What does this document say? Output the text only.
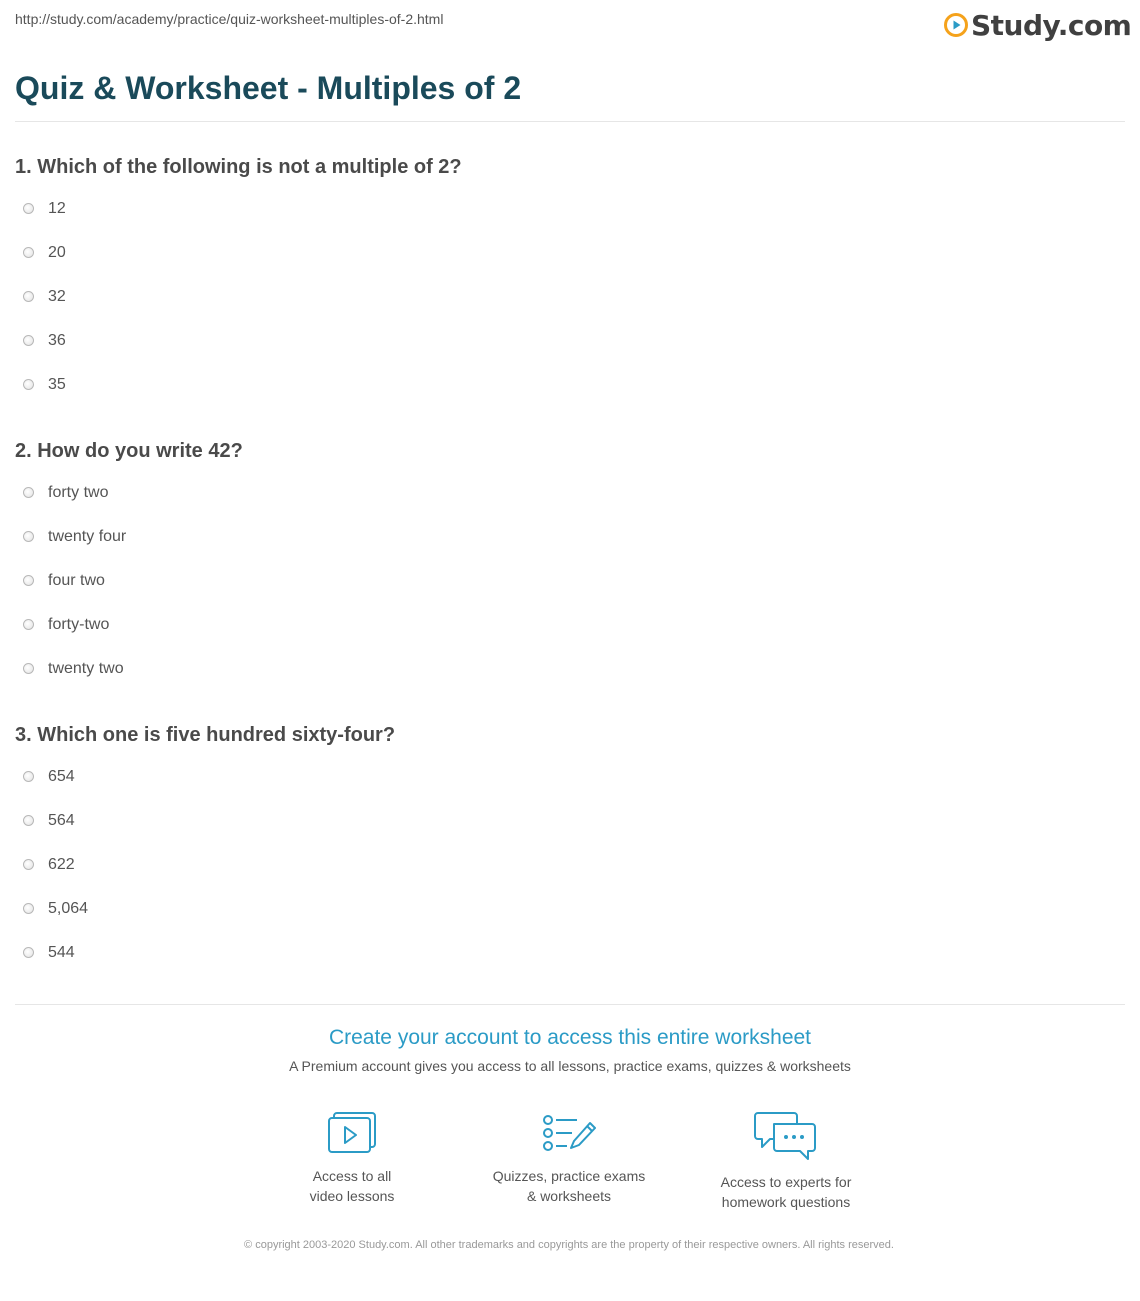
http://study.com/academy/practice/quiz-worksheet-multiples-of-2.html	Study.com
Quiz & Worksheet - Multiples of 2

1. Which of the following is not a multiple of 2?

12
20
32
36
35

2. How do you write 42?

forty two
twenty four
four two
forty-two
twenty two

3. Which one is five hundred sixty-four?

654
564
622
5,064
544
Create your account to access this entire worksheet
A Premium account gives you access to all lessons, practice exams, quizzes & worksheets
Access to all
video lessons
Quizzes, practice exams
& worksheets
Access to experts for
homework questions
© copyright 2003-2020 Study.com. All other trademarks and copyrights are the property of their respective owners. All rights reserved.
